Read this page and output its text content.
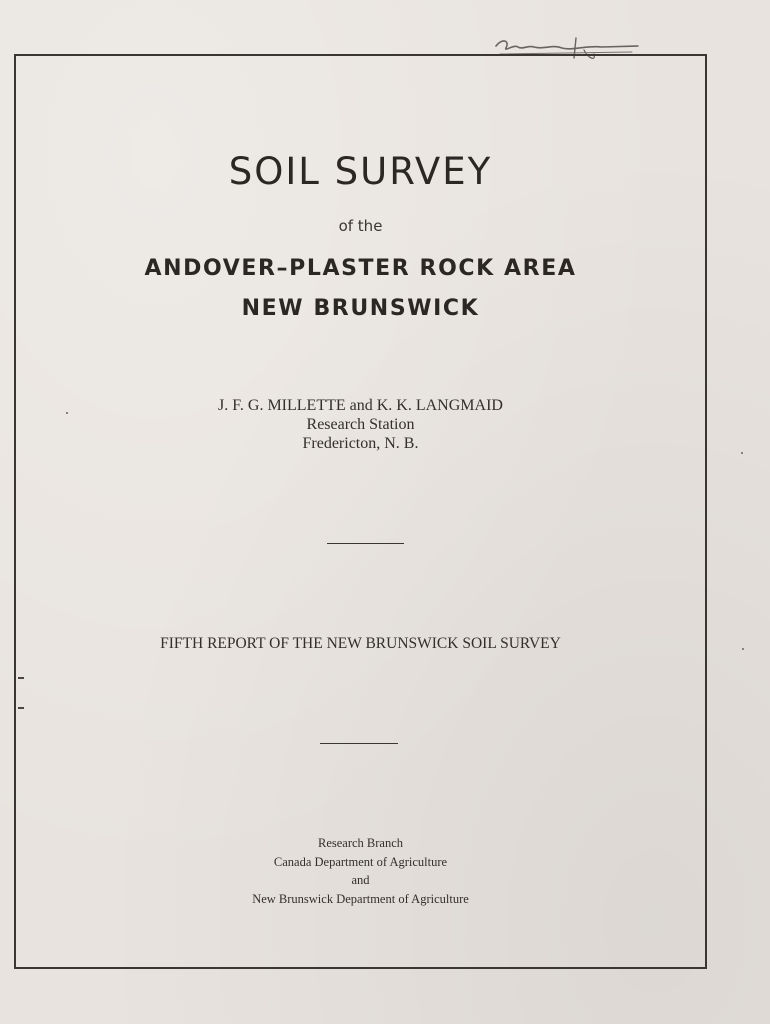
SOIL SURVEY

of the

ANDOVER–PLASTER ROCK AREA

NEW BRUNSWICK

J. F. G. MILLETTE and K. K. LANGMAID
Research Station
Fredericton, N. B.

FIFTH REPORT OF THE NEW BRUNSWICK SOIL SURVEY

Research Branch
Canada Department of Agriculture
and
New Brunswick Department of Agriculture
